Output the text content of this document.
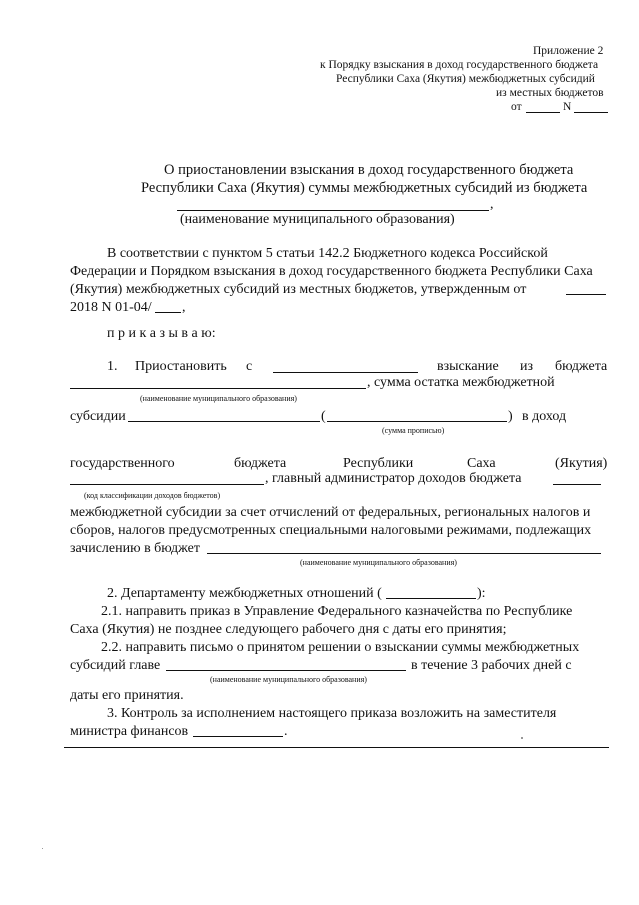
Приложение 2
к Порядку взыскания в доход государственного бюджета
Республики Саха (Якутия) межбюджетных субсидий
из местных бюджетов
от	N
О приостановлении взыскания в доход государственного бюджета
Республики Саха (Якутия) суммы межбюджетных субсидий из бюджета
,
(наименование муниципального образования)
В соответствии с пунктом 5 статьи 142.2 Бюджетного кодекса Российской
Федерации и Порядком взыскания в доход государственного бюджета Республики Саха
(Якутия) межбюджетных субсидий из местных бюджетов, утвержденным от
2018 N 01-04/ ,
п р и к а з ы в а ю:
1. Приостановить с	взыскание из бюджета
, сумма остатка межбюджетной
(наименование муниципального образования)
субсидии	(	) в доход
(сумма прописью)
государственного	бюджета	Республики	Саха	(Якутия)
, главный администратор доходов бюджета
(код классификации доходов бюджетов)
межбюджетной субсидии за счет отчислений от федеральных, региональных налогов и
сборов, налогов предусмотренных специальными налоговыми режимами, подлежащих
зачислению в бюджет
(наименование муниципального образования)
2. Департаменту межбюджетных отношений (	):
2.1. направить приказ в Управление Федерального казначейства по Республике
Саха (Якутия) не позднее следующего рабочего дня с даты его принятия;
2.2. направить письмо о принятом решении о взыскании суммы межбюджетных
субсидий главе	в течение 3 рабочих дней с
(наименование муниципального образования)
даты его принятия.
3. Контроль за исполнением настоящего приказа возложить на заместителя
министра финансов	.
